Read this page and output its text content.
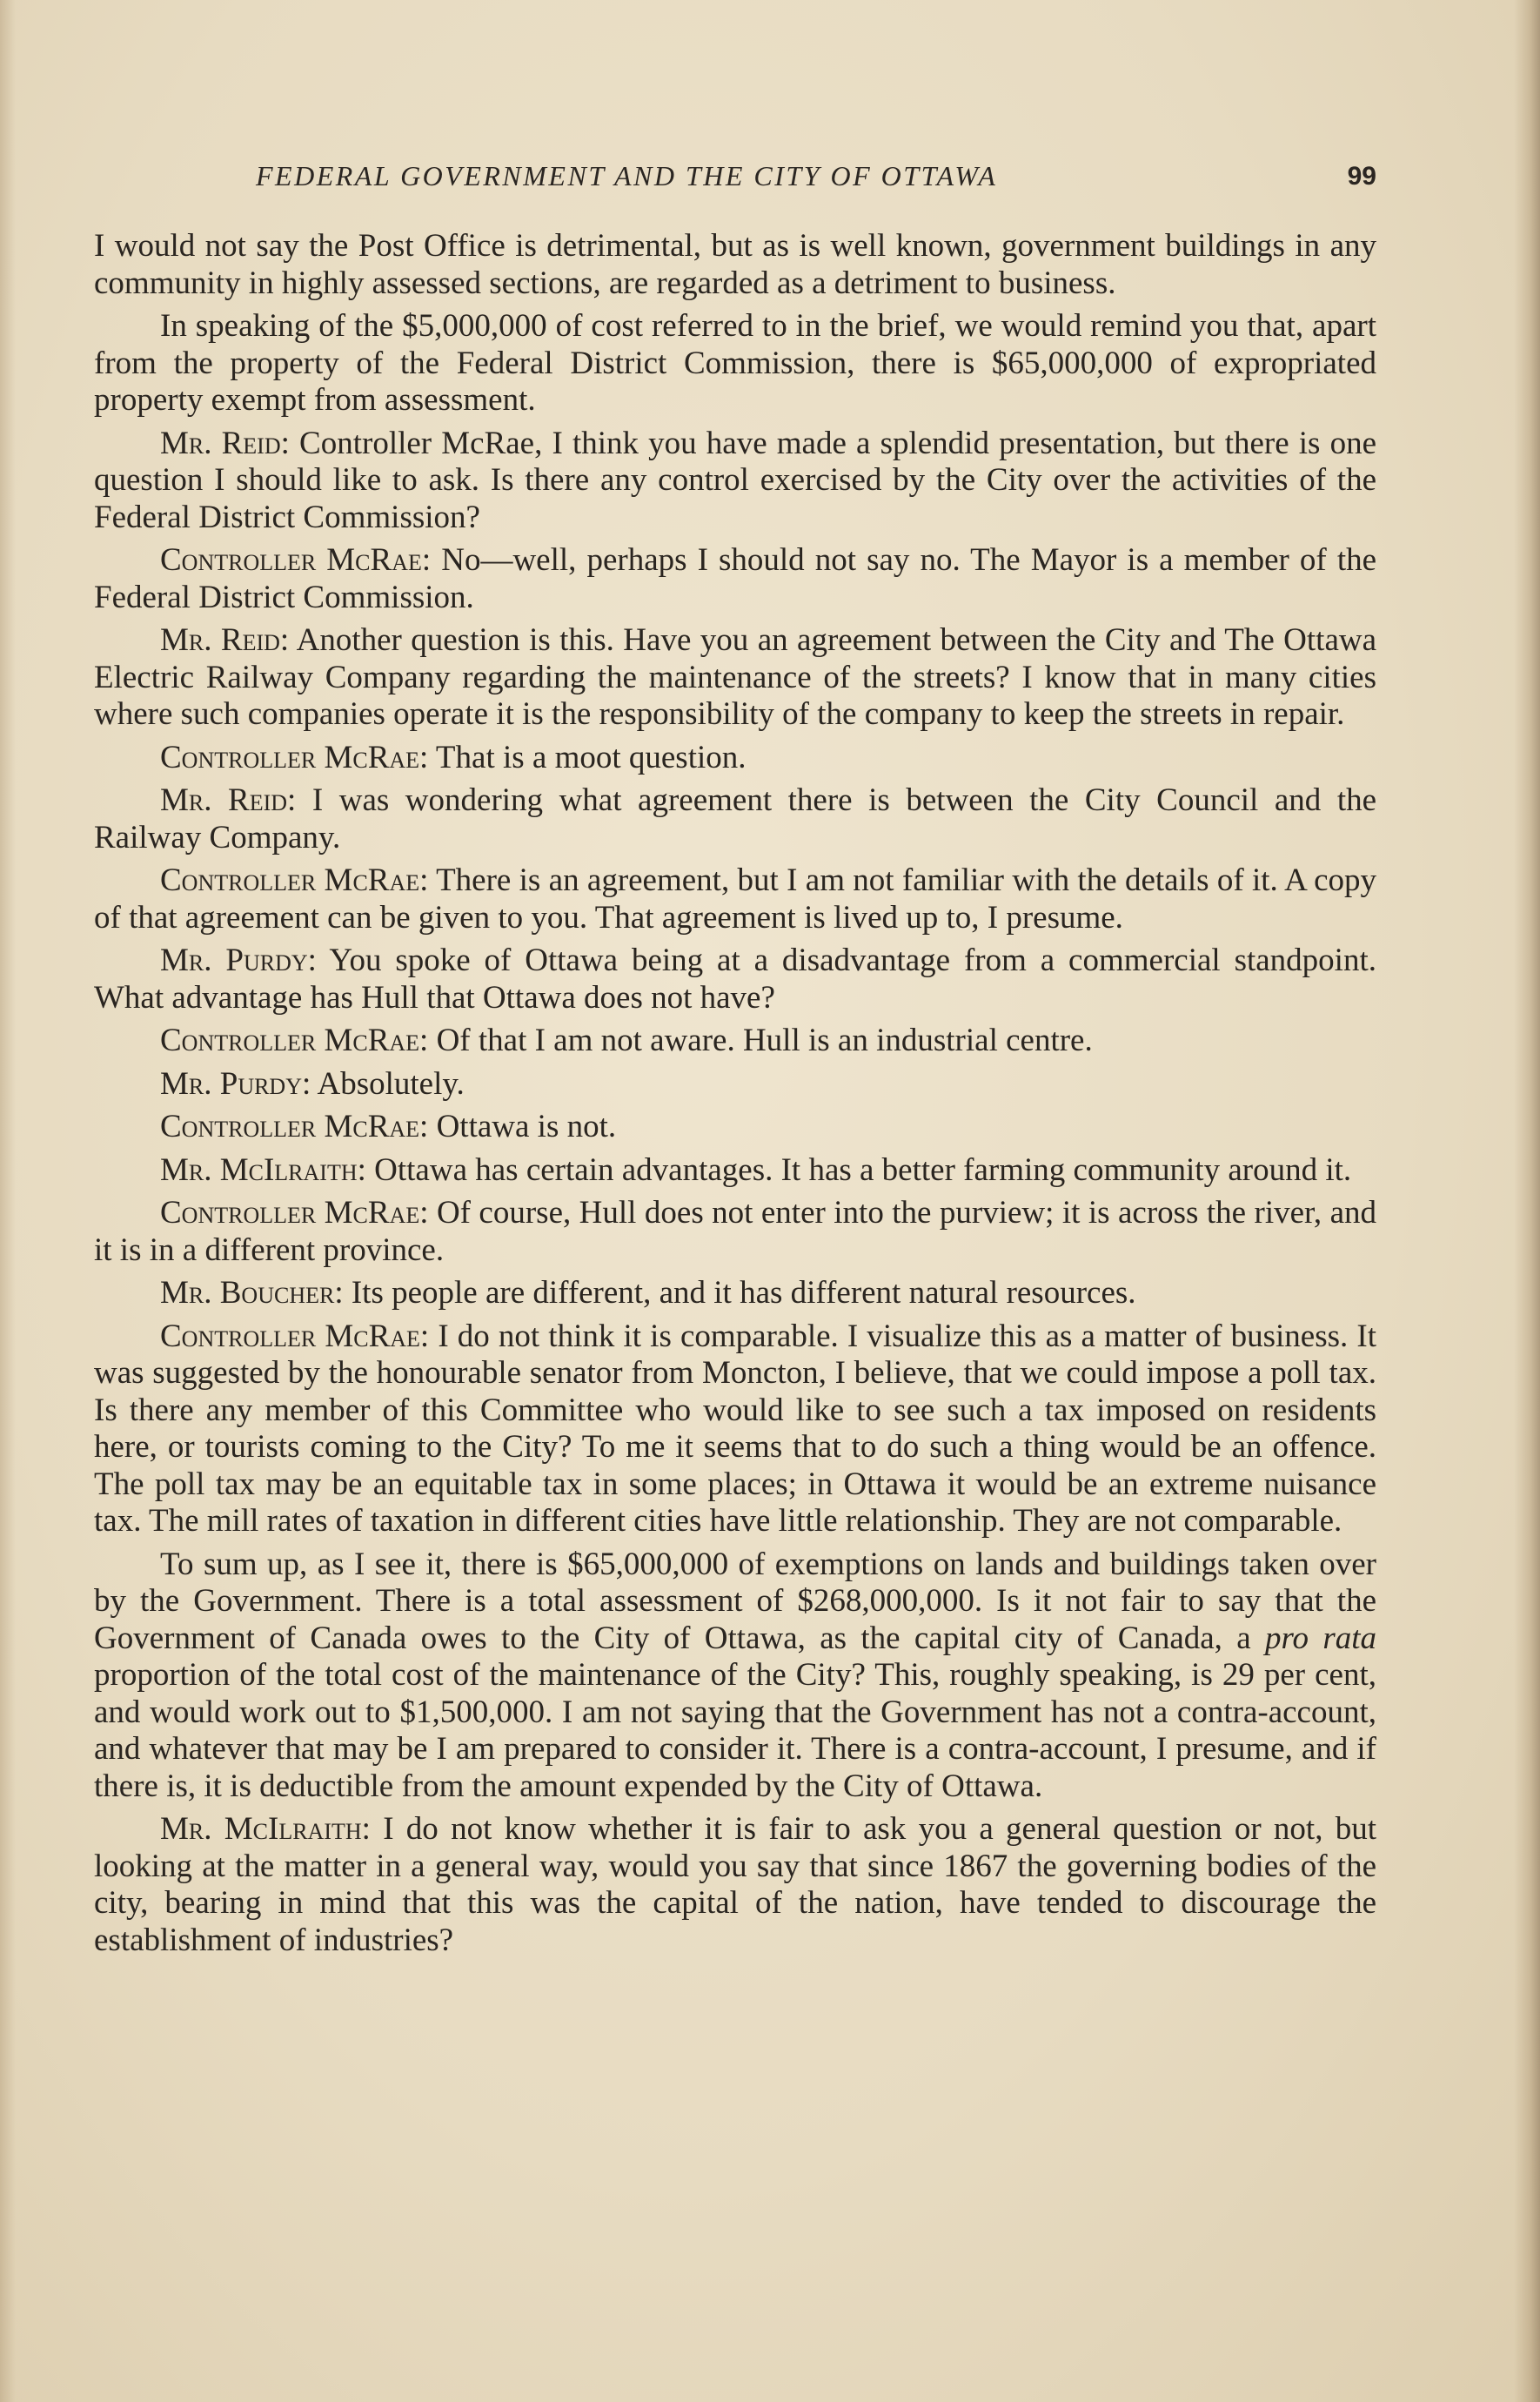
FEDERAL GOVERNMENT AND THE CITY OF OTTAWA	99

I would not say the Post Office is detrimental, but as is well known, government buildings in any community in highly assessed sections, are regarded as a detriment to business.

In speaking of the $5,000,000 of cost referred to in the brief, we would remind you that, apart from the property of the Federal District Commission, there is $65,000,000 of expropriated property exempt from assessment.

Mr. Reid: Controller McRae, I think you have made a splendid presentation, but there is one question I should like to ask. Is there any control exercised by the City over the activities of the Federal District Commission?

Controller McRae: No—well, perhaps I should not say no. The Mayor is a member of the Federal District Commission.

Mr. Reid: Another question is this. Have you an agreement between the City and The Ottawa Electric Railway Company regarding the maintenance of the streets? I know that in many cities where such companies operate it is the responsibility of the company to keep the streets in repair.

Controller McRae: That is a moot question.

Mr. Reid: I was wondering what agreement there is between the City Council and the Railway Company.

Controller McRae: There is an agreement, but I am not familiar with the details of it. A copy of that agreement can be given to you. That agreement is lived up to, I presume.

Mr. Purdy: You spoke of Ottawa being at a disadvantage from a commercial standpoint. What advantage has Hull that Ottawa does not have?

Controller McRae: Of that I am not aware. Hull is an industrial centre.

Mr. Purdy: Absolutely.

Controller McRae: Ottawa is not.

Mr. McIlraith: Ottawa has certain advantages. It has a better farming community around it.

Controller McRae: Of course, Hull does not enter into the purview; it is across the river, and it is in a different province.

Mr. Boucher: Its people are different, and it has different natural resources.

Controller McRae: I do not think it is comparable. I visualize this as a matter of business. It was suggested by the honourable senator from Moncton, I believe, that we could impose a poll tax. Is there any member of this Committee who would like to see such a tax imposed on residents here, or tourists coming to the City? To me it seems that to do such a thing would be an offence. The poll tax may be an equitable tax in some places; in Ottawa it would be an extreme nuisance tax. The mill rates of taxation in different cities have little relationship. They are not comparable.

To sum up, as I see it, there is $65,000,000 of exemptions on lands and buildings taken over by the Government. There is a total assessment of $268,000,000. Is it not fair to say that the Government of Canada owes to the City of Ottawa, as the capital city of Canada, a pro rata proportion of the total cost of the maintenance of the City? This, roughly speaking, is 29 per cent, and would work out to $1,500,000. I am not saying that the Government has not a contra-account, and whatever that may be I am prepared to consider it. There is a contra-account, I presume, and if there is, it is deductible from the amount expended by the City of Ottawa.

Mr. McIlraith: I do not know whether it is fair to ask you a general question or not, but looking at the matter in a general way, would you say that since 1867 the governing bodies of the city, bearing in mind that this was the capital of the nation, have tended to discourage the establishment of industries?
